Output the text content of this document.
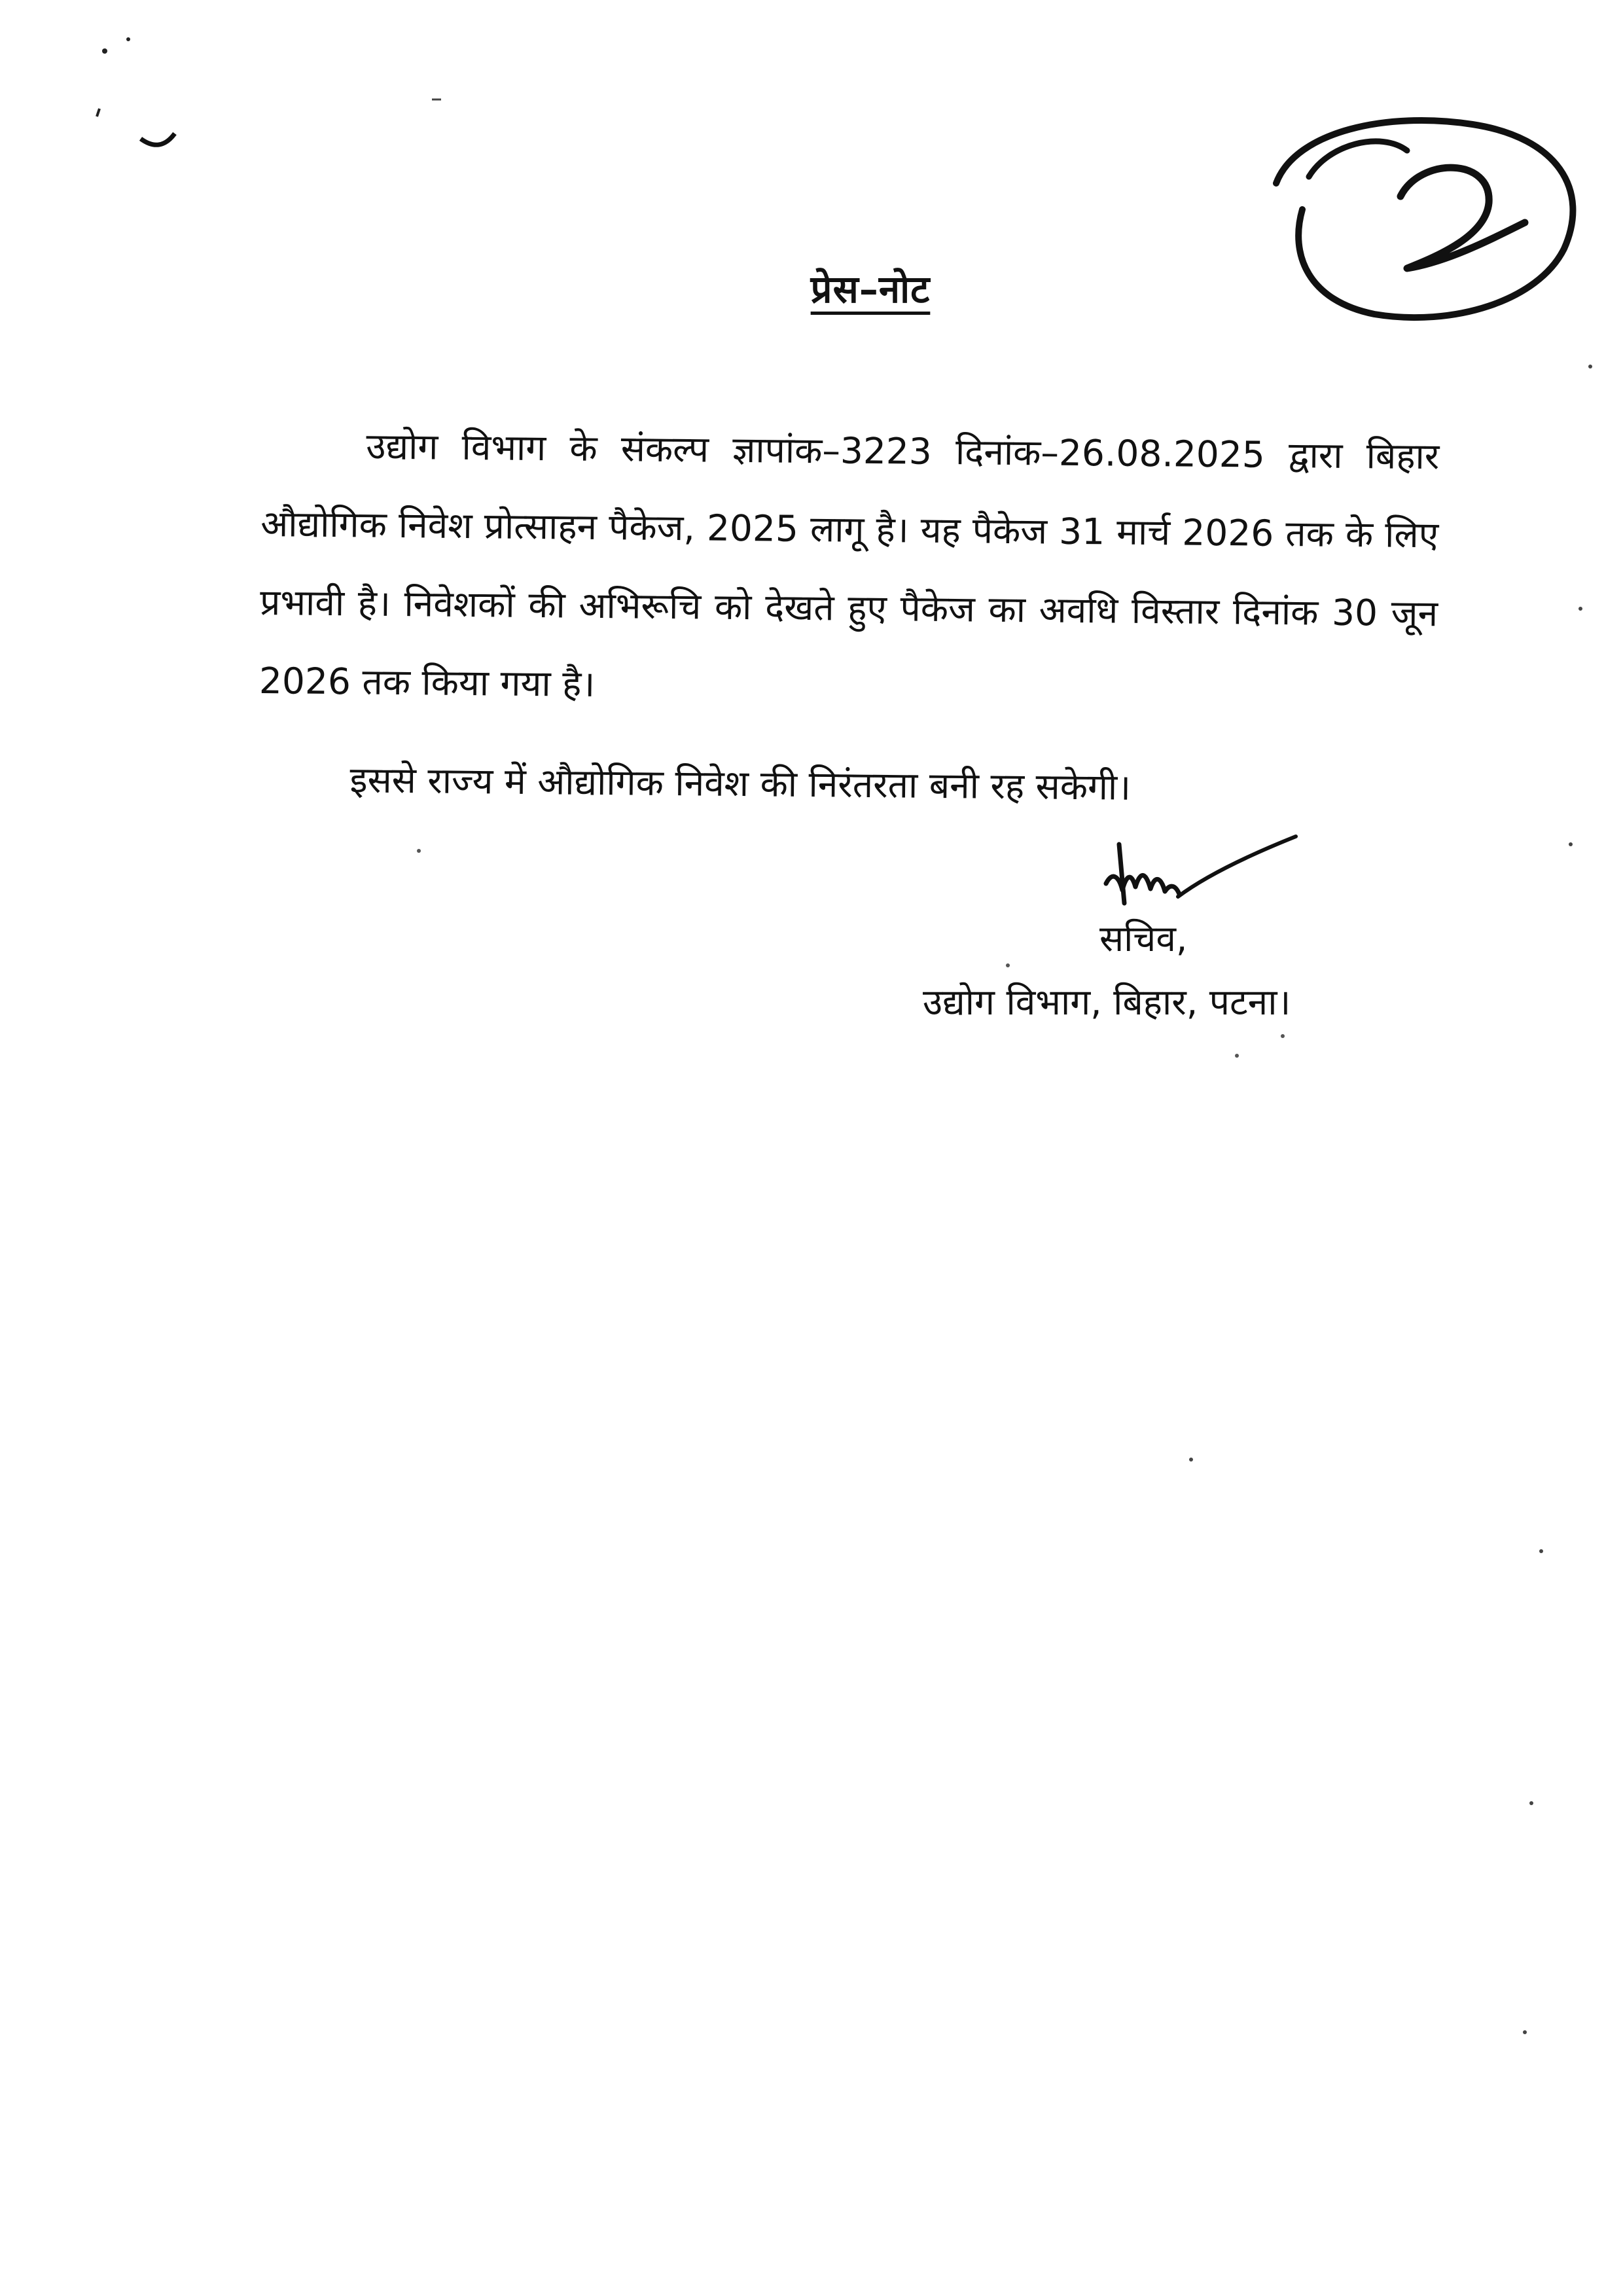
प्रेस–नोट

उद्योग विभाग के संकल्प ज्ञापांक–3223 दिनांक–26.08.2025 द्वारा बिहार औद्योगिक निवेश प्रोत्साहन पैकेज, 2025 लागू है। यह पैकेज 31 मार्च 2026 तक के लिए प्रभावी है। निवेशकों की अभिरूचि को देखते हुए पैकेज का अवधि विस्तार दिनांक 30 जून 2026 तक किया गया है।

इससे राज्य में औद्योगिक निवेश की निरंतरता बनी रह सकेगी।

सचिव,
उद्योग विभाग, बिहार, पटना।
